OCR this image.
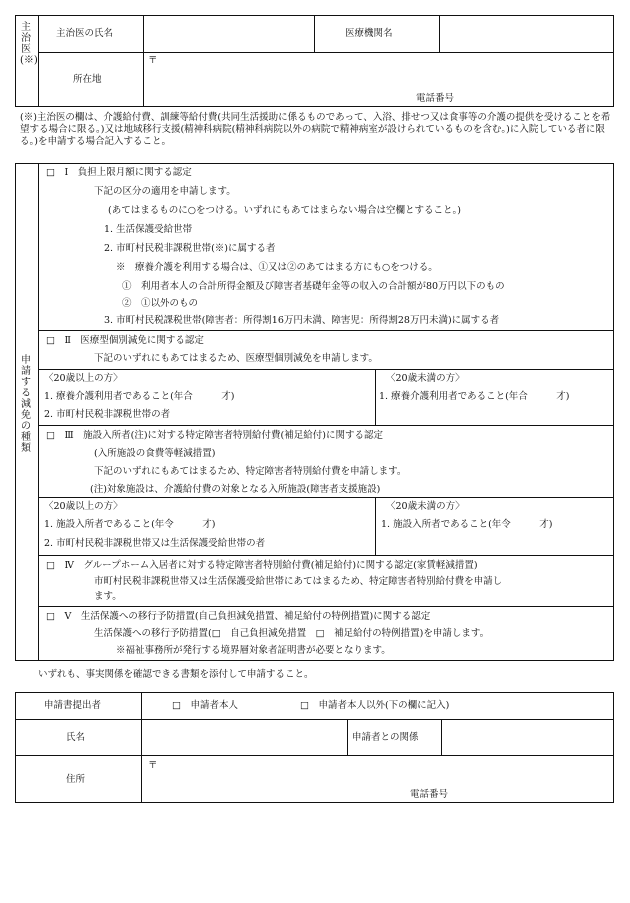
主治医(※)
主治医の氏名	医療機関名
所在地
〒
電話番号
(※)主治医の欄は、介護給付費、訓練等給付費(共同生活援助に係るものであって、入浴、排せつ又は食事等の介護の提供を受けることを希望する場合に限る。)又は地域移行支援(精神科病院(精神科病院以外の病院で精神病室が設けられているものを含む。)に入院している者に限る。)を申請する場合記入すること。
申請する減免の種類
□　Ⅰ　負担上限月額に関する認定
下記の区分の適用を申請します。
(あてはまるものに○をつける。いずれにもあてはまらない場合は空欄とすること。)
1. 生活保護受給世帯
2. 市町村民税非課税世帯(※)に属する者
※　療養介護を利用する場合は、①又は②のあてはまる方にも○をつける。
①　利用者本人の合計所得金額及び障害者基礎年金等の収入の合計額が80万円以下のもの
②　①以外のもの
3. 市町村民税課税世帯(障害者：所得割16万円未満、障害児：所得割28万円未満)に属する者
□　Ⅱ　医療型個別減免に関する認定
下記のいずれにもあてはまるため、医療型個別減免を申請します。
〈20歳以上の方〉
1. 療養介護利用者であること(年合　　　才)
2. 市町村民税非課税世帯の者
〈20歳未満の方〉
1. 療養介護利用者であること(年合　　　才)
□　Ⅲ　施設入所者(注)に対する特定障害者特別給付費(補足給付)に関する認定
(入所施設の食費等軽減措置)
下記のいずれにもあてはまるため、特定障害者特別給付費を申請します。
(注)対象施設は、介護給付費の対象となる入所施設(障害者支援施設)
〈20歳以上の方〉
1. 施設入所者であること(年令　　　才)
2. 市町村民税非課税世帯又は生活保護受給世帯の者
〈20歳未満の方〉
1. 施設入所者であること(年令　　　才)
□　Ⅳ　グループホーム入居者に対する特定障害者特別給付費(補足給付)に関する認定(家賃軽減措置)
市町村民税非課税世帯又は生活保護受給世帯にあてはまるため、特定障害者特別給付費を申請し
ます。
□　Ⅴ　生活保護への移行予防措置(自己負担減免措置、補足給付の特例措置)に関する認定
生活保護への移行予防措置(□　自己負担減免措置　□　補足給付の特例措置)を申請します。
※福祉事務所が発行する境界層対象者証明書が必要となります。
いずれも、事実関係を確認できる書類を添付して申請すること。
申請書提出者	□　申請者本人	□　申請者本人以外(下の欄に記入)
氏名	申請者との関係
住所
〒
電話番号
